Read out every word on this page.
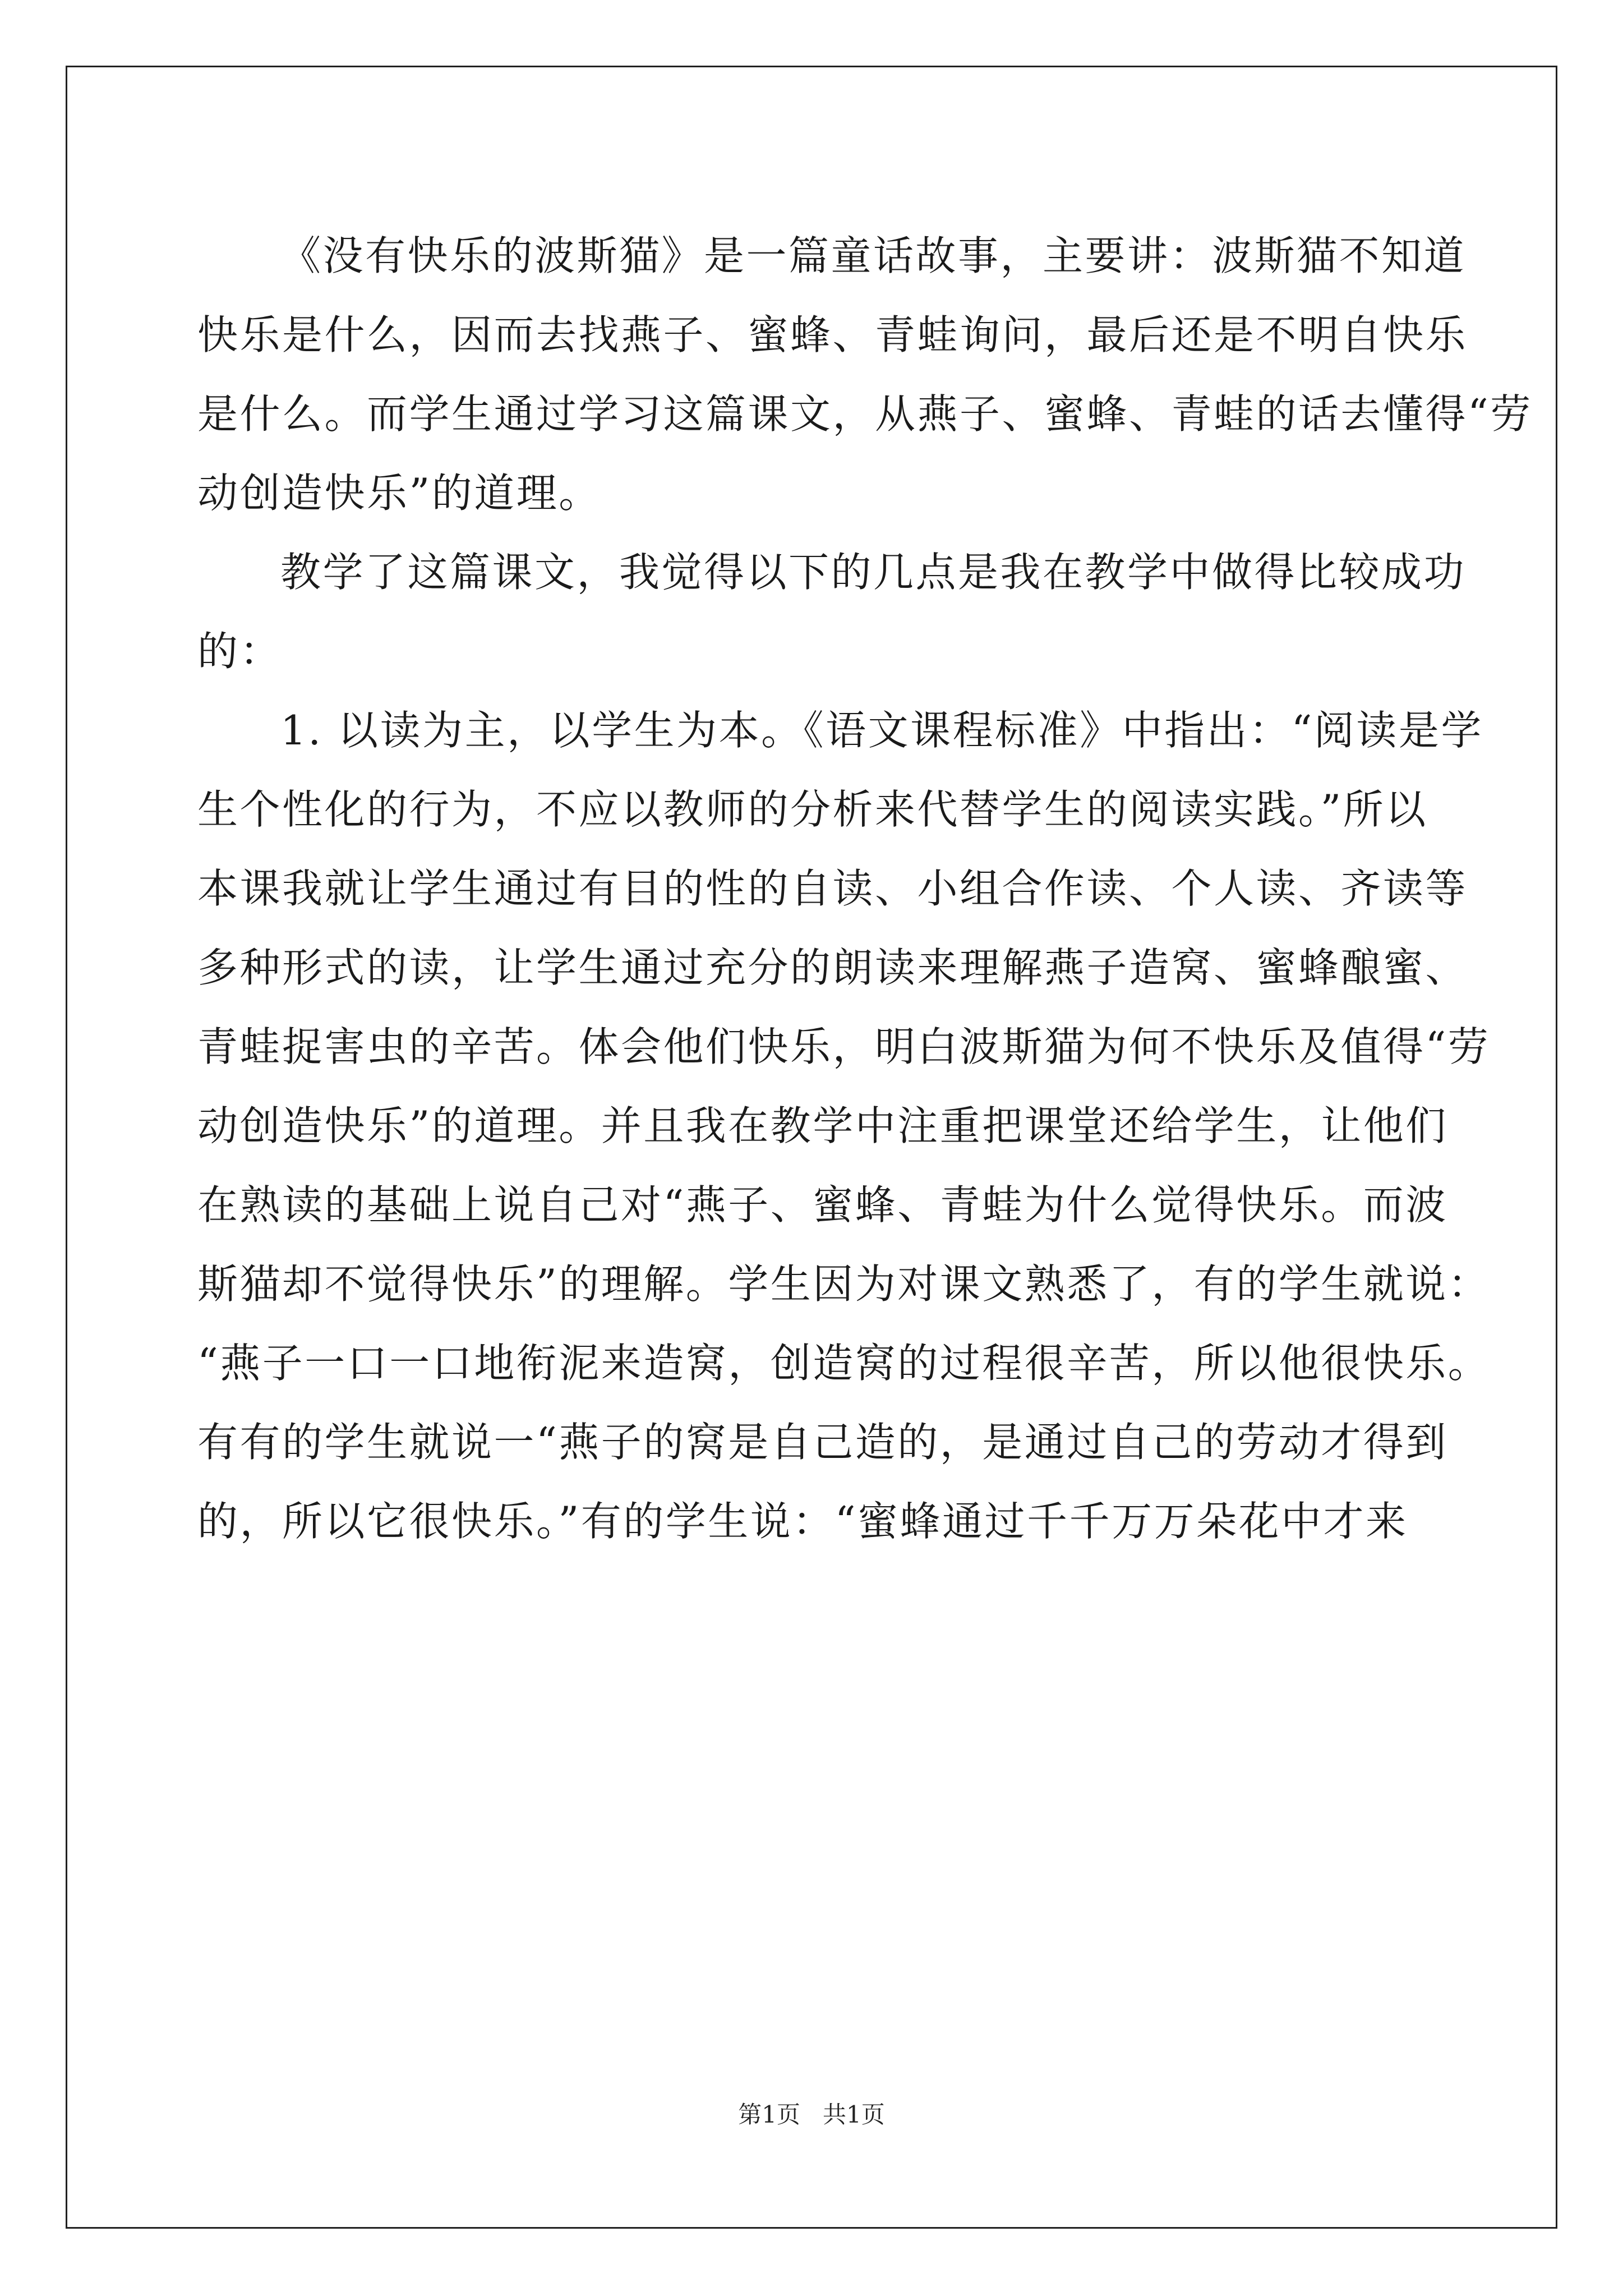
《没有快乐的波斯猫》是一篇童话故事，主要讲：波斯猫不知道
快乐是什么，因而去找燕子、蜜蜂、青蛙询问，最后还是不明自快乐
是什么。而学生通过学习这篇课文，从燕子、蜜蜂、青蛙的话去懂得“劳
动创造快乐”的道理。
教学了这篇课文，我觉得以下的几点是我在教学中做得比较成功
的：
1. 以读为主，以学生为本。《语文课程标准》中指出：“阅读是学
生个性化的行为，不应以教师的分析来代替学生的阅读实践。”所以
本课我就让学生通过有目的性的自读、小组合作读、个人读、齐读等
多种形式的读，让学生通过充分的朗读来理解燕子造窝、蜜蜂酿蜜、
青蛙捉害虫的辛苦。体会他们快乐，明白波斯猫为何不快乐及值得“劳
动创造快乐”的道理。并且我在教学中注重把课堂还给学生，让他们
在熟读的基础上说自己对“燕子、蜜蜂、青蛙为什么觉得快乐。而波
斯猫却不觉得快乐”的理解。学生因为对课文熟悉了，有的学生就说：
“燕子一口一口地衔泥来造窝，创造窝的过程很辛苦，所以他很快乐。
有有的学生就说一“燕子的窝是自己造的，是通过自己的劳动才得到
的，所以它很快乐。”有的学生说：“蜜蜂通过千千万万朵花中才来
第1页 共1页
